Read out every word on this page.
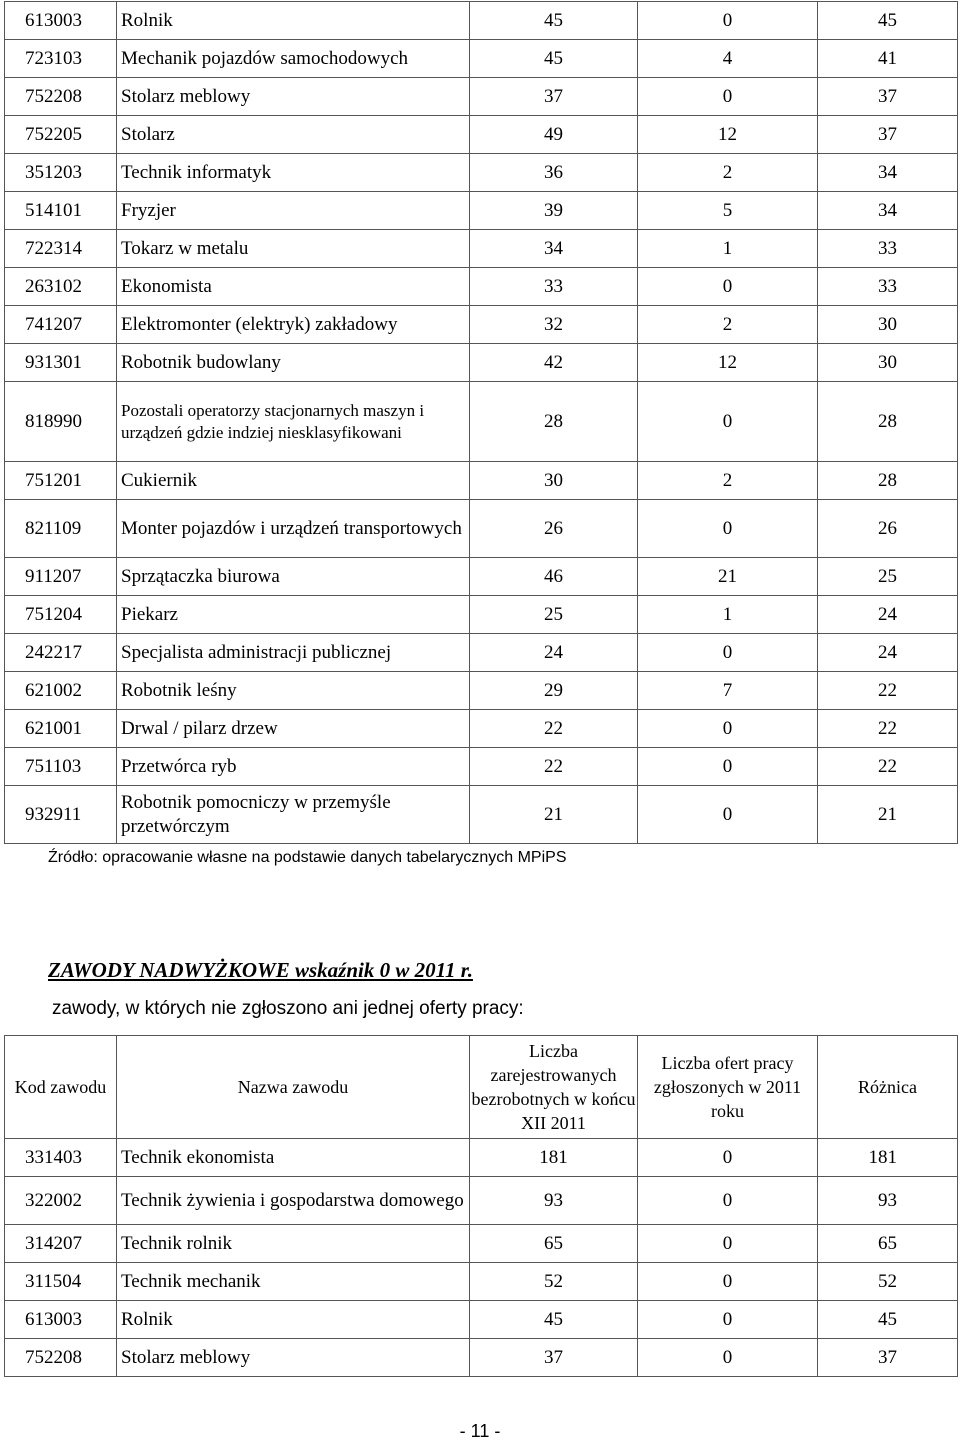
613003	Rolnik	45	0	45
723103	Mechanik pojazdów samochodowych	45	4	41
752208	Stolarz meblowy	37	0	37
752205	Stolarz	49	12	37
351203	Technik informatyk	36	2	34
514101	Fryzjer	39	5	34
722314	Tokarz w metalu	34	1	33
263102	Ekonomista	33	0	33
741207	Elektromonter (elektryk) zakładowy	32	2	30
931301	Robotnik budowlany	42	12	30
818990	Pozostali operatorzy stacjonarnych maszyn i urządzeń gdzie indziej niesklasyfikowani	28	0	28
751201	Cukiernik	30	2	28
821109	Monter pojazdów i urządzeń transportowych	26	0	26
911207	Sprzątaczka biurowa	46	21	25
751204	Piekarz	25	1	24
242217	Specjalista administracji publicznej	24	0	24
621002	Robotnik leśny	29	7	22
621001	Drwal / pilarz drzew	22	0	22
751103	Przetwórca ryb	22	0	22
932911	Robotnik pomocniczy w przemyśle przetwórczym	21	0	21
Źródło: opracowanie własne na podstawie danych tabelarycznych MPiPS
ZAWODY NADWYŻKOWE wskaźnik 0 w 2011 r.
zawody, w których nie zgłoszono ani jednej oferty pracy:
Kod zawodu	Nazwa zawodu	Liczba zarejestrowanych bezrobotnych w końcu XII 2011	Liczba ofert pracy zgłoszonych w 2011 roku	Różnica
331403	Technik ekonomista	181	0	181
322002	Technik żywienia i gospodarstwa domowego	93	0	93
314207	Technik rolnik	65	0	65
311504	Technik mechanik	52	0	52
613003	Rolnik	45	0	45
752208	Stolarz meblowy	37	0	37
- 11 -
